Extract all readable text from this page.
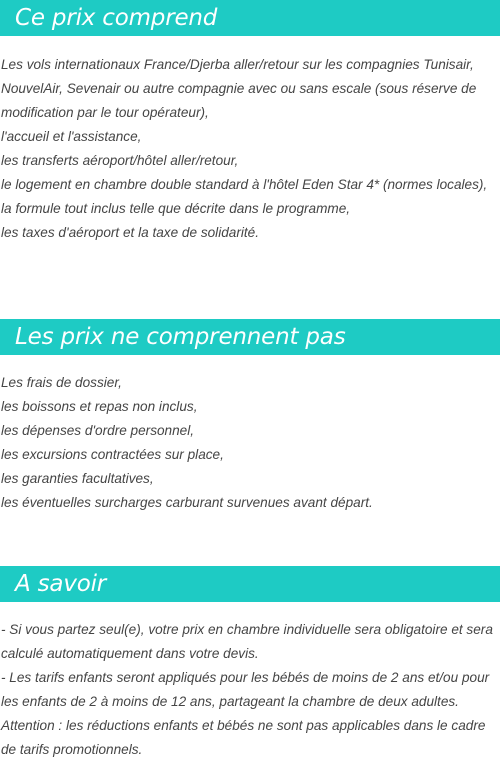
Ce prix comprend
Les vols internationaux France/Djerba aller/retour sur les compagnies Tunisair, NouvelAir, Sevenair ou autre compagnie avec ou sans escale (sous réserve de modification par le tour opérateur),
l'accueil et l'assistance,
les transferts aéroport/hôtel aller/retour,
le logement en chambre double standard à l'hôtel Eden Star 4* (normes locales),
la formule tout inclus telle que décrite dans le programme,
les taxes d'aéroport et la taxe de solidarité.
Les prix ne comprennent pas
Les frais de dossier,
les boissons et repas non inclus,
les dépenses d'ordre personnel,
les excursions contractées sur place,
les garanties facultatives,
les éventuelles surcharges carburant survenues avant départ.
A savoir
- Si vous partez seul(e), votre prix en chambre individuelle sera obligatoire et sera calculé automatiquement dans votre devis.
- Les tarifs enfants seront appliqués pour les bébés de moins de 2 ans et/ou pour les enfants de 2 à moins de 12 ans, partageant la chambre de deux adultes.
Attention : les réductions enfants et bébés ne sont pas applicables dans le cadre de tarifs promotionnels.
